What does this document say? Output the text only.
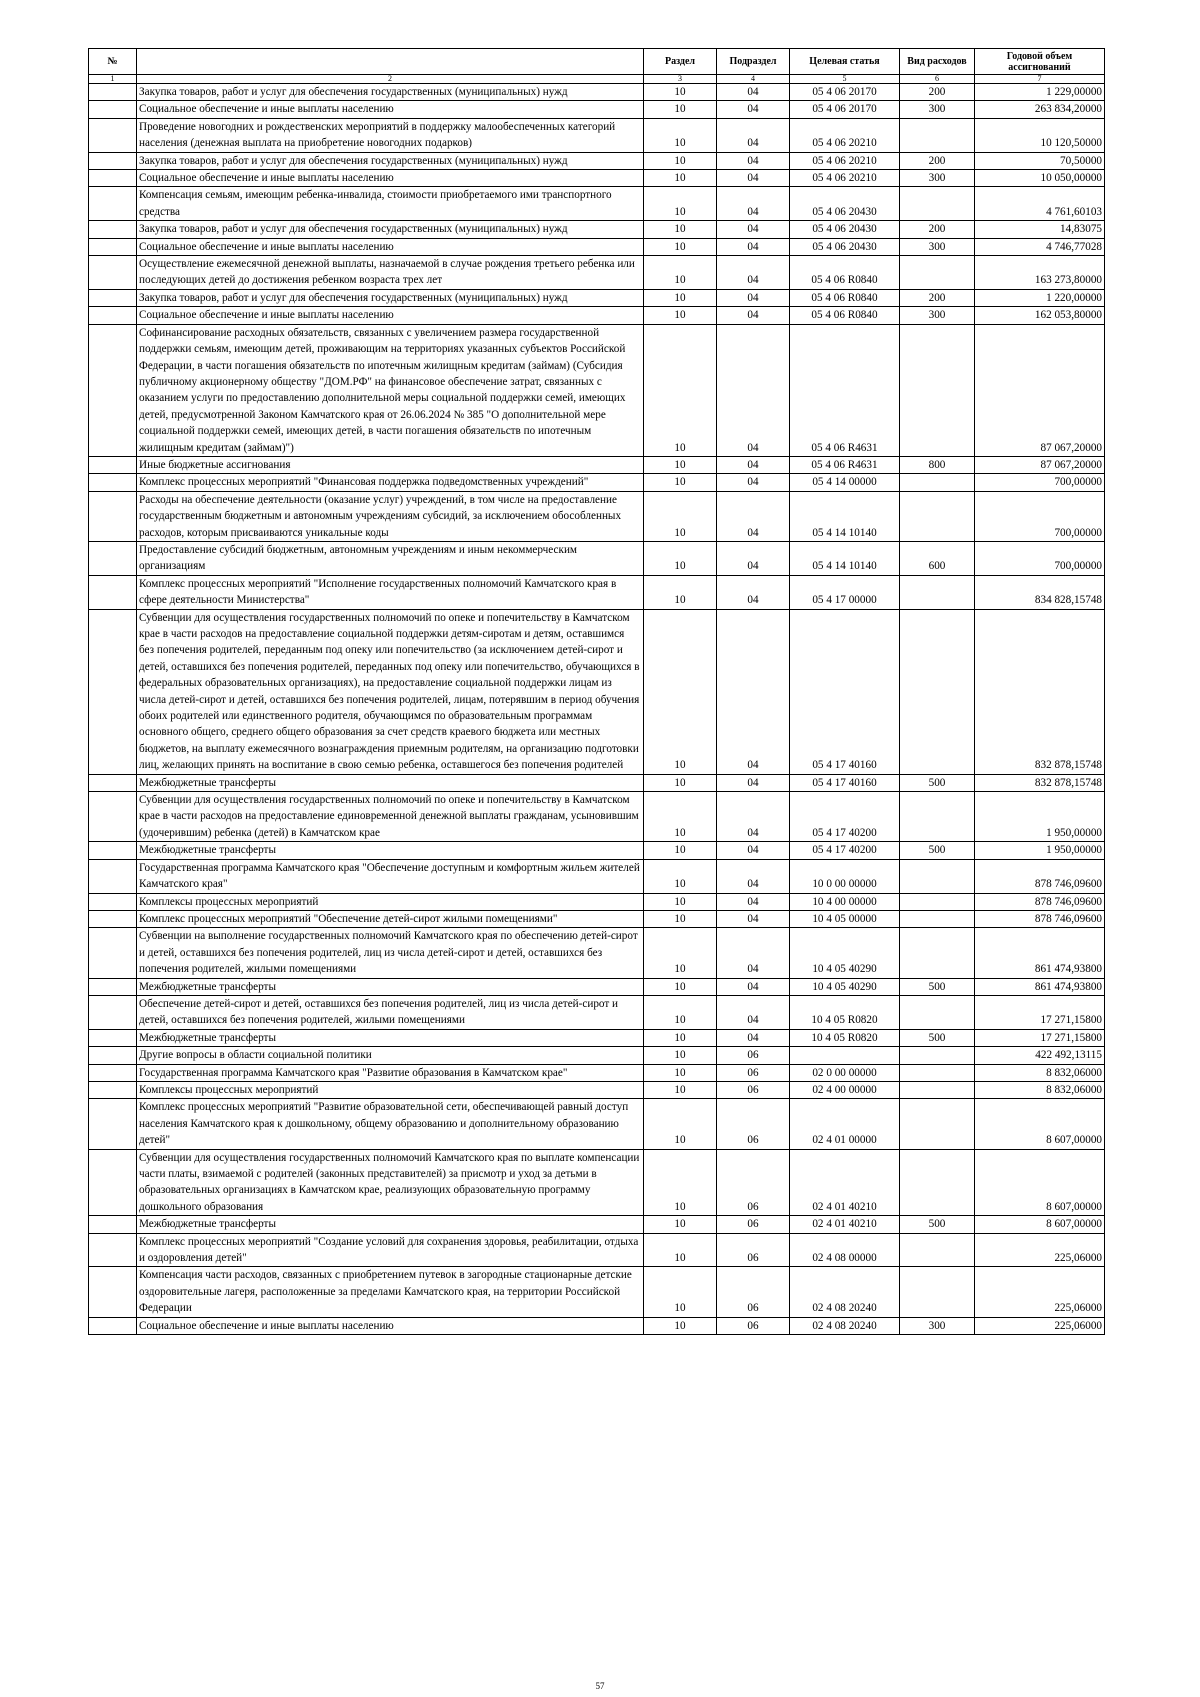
№		Раздел	Подраздел	Целевая статья	Вид расходов	Годовой объем ассигнований
1	2	3	4	5	6	7
	Закупка товаров, работ и услуг для обеспечения государственных (муниципальных) нужд	10	04	05 4 06 20170	200	1 229,00000
	Социальное обеспечение и иные выплаты населению	10	04	05 4 06 20170	300	263 834,20000
	Проведение новогодних и рождественских мероприятий в поддержку малообеспеченных категорий населения (денежная выплата на приобретение новогодних подарков)	10	04	05 4 06 20210		10 120,50000
	Закупка товаров, работ и услуг для обеспечения государственных (муниципальных) нужд	10	04	05 4 06 20210	200	70,50000
	Социальное обеспечение и иные выплаты населению	10	04	05 4 06 20210	300	10 050,00000
	Компенсация семьям, имеющим ребенка-инвалида, стоимости приобретаемого ими транспортного средства	10	04	05 4 06 20430		4 761,60103
	Закупка товаров, работ и услуг для обеспечения государственных (муниципальных) нужд	10	04	05 4 06 20430	200	14,83075
	Социальное обеспечение и иные выплаты населению	10	04	05 4 06 20430	300	4 746,77028
	Осуществление ежемесячной денежной выплаты, назначаемой в случае рождения третьего ребенка или последующих детей до достижения ребенком возраста трех лет	10	04	05 4 06 R0840		163 273,80000
	Закупка товаров, работ и услуг для обеспечения государственных (муниципальных) нужд	10	04	05 4 06 R0840	200	1 220,00000
	Социальное обеспечение и иные выплаты населению	10	04	05 4 06 R0840	300	162 053,80000
	Софинансирование расходных обязательств, связанных с увеличением размера государственной поддержки семьям, имеющим детей, проживающим на территориях указанных субъектов Российской Федерации, в части погашения обязательств по ипотечным жилищным кредитам (займам) (Субсидия публичному акционерному обществу "ДОМ.РФ" на финансовое обеспечение затрат, связанных с оказанием услуги по предоставлению дополнительной меры социальной поддержки семей, имеющих детей, предусмотренной Законом Камчатского края от 26.06.2024 № 385 "О дополнительной мере социальной поддержки семей, имеющих детей, в части погашения обязательств по ипотечным жилищным кредитам (займам)")	10	04	05 4 06 R4631		87 067,20000
	Иные бюджетные ассигнования	10	04	05 4 06 R4631	800	87 067,20000
	Комплекс процессных мероприятий "Финансовая поддержка подведомственных учреждений"	10	04	05 4 14 00000		700,00000
	Расходы на обеспечение деятельности (оказание услуг) учреждений, в том числе на предоставление государственным бюджетным и автономным учреждениям субсидий, за исключением обособленных расходов, которым присваиваются уникальные коды	10	04	05 4 14 10140		700,00000
	Предоставление субсидий бюджетным, автономным учреждениям и иным некоммерческим организациям	10	04	05 4 14 10140	600	700,00000
	Комплекс процессных мероприятий "Исполнение государственных полномочий Камчатского края в сфере деятельности Министерства"	10	04	05 4 17 00000		834 828,15748
	Субвенции для осуществления государственных полномочий по опеке и попечительству в Камчатском крае в части расходов на предоставление социальной поддержки детям-сиротам и детям, оставшимся без попечения родителей, переданным под опеку или попечительство (за исключением детей-сирот и детей, оставшихся без попечения родителей, переданных под опеку или попечительство, обучающихся в федеральных образовательных организациях), на предоставление социальной поддержки лицам из числа детей-сирот и детей, оставшихся без попечения родителей, лицам, потерявшим в период обучения обоих родителей или единственного родителя, обучающимся по образовательным программам основного общего, среднего общего образования за счет средств краевого бюджета или местных бюджетов, на выплату ежемесячного вознаграждения приемным родителям, на организацию подготовки лиц, желающих принять на воспитание в свою семью ребенка, оставшегося без попечения родителей	10	04	05 4 17 40160		832 878,15748
	Межбюджетные трансферты	10	04	05 4 17 40160	500	832 878,15748
	Субвенции для осуществления государственных полномочий по опеке и попечительству в Камчатском крае в части расходов на предоставление единовременной денежной выплаты гражданам, усыновившим (удочерившим) ребенка (детей) в Камчатском крае	10	04	05 4 17 40200		1 950,00000
	Межбюджетные трансферты	10	04	05 4 17 40200	500	1 950,00000
	Государственная программа Камчатского края "Обеспечение доступным и комфортным жильем жителей Камчатского края"	10	04	10 0 00 00000		878 746,09600
	Комплексы процессных мероприятий	10	04	10 4 00 00000		878 746,09600
	Комплекс процессных мероприятий "Обеспечение детей-сирот жилыми помещениями"	10	04	10 4 05 00000		878 746,09600
	Субвенции на выполнение государственных полномочий Камчатского края по обеспечению детей-сирот и детей, оставшихся без попечения родителей, лиц из числа детей-сирот и детей, оставшихся без попечения родителей, жилыми помещениями	10	04	10 4 05 40290		861 474,93800
	Межбюджетные трансферты	10	04	10 4 05 40290	500	861 474,93800
	Обеспечение детей-сирот и детей, оставшихся без попечения родителей, лиц из числа детей-сирот и детей, оставшихся без попечения родителей, жилыми помещениями	10	04	10 4 05 R0820		17 271,15800
	Межбюджетные трансферты	10	04	10 4 05 R0820	500	17 271,15800
	Другие вопросы в области социальной политики	10	06			422 492,13115
	Государственная программа Камчатского края "Развитие образования в Камчатском крае"	10	06	02 0 00 00000		8 832,06000
	Комплексы процессных мероприятий	10	06	02 4 00 00000		8 832,06000
	Комплекс процессных мероприятий "Развитие образовательной сети, обеспечивающей равный доступ населения Камчатского края к дошкольному, общему образованию и дополнительному образованию детей"	10	06	02 4 01 00000		8 607,00000
	Субвенции для осуществления государственных полномочий Камчатского края по выплате компенсации части платы, взимаемой с родителей (законных представителей) за присмотр и уход за детьми в образовательных организациях в Камчатском крае, реализующих образовательную программу дошкольного образования	10	06	02 4 01 40210		8 607,00000
	Межбюджетные трансферты	10	06	02 4 01 40210	500	8 607,00000
	Комплекс процессных мероприятий "Создание условий для сохранения здоровья, реабилитации, отдыха и оздоровления детей"	10	06	02 4 08 00000		225,06000
	Компенсация части расходов, связанных с приобретением путевок в загородные стационарные детские оздоровительные лагеря, расположенные за пределами Камчатского края, на территории Российской Федерации	10	06	02 4 08 20240		225,06000
	Социальное обеспечение и иные выплаты населению	10	06	02 4 08 20240	300	225,06000
57
